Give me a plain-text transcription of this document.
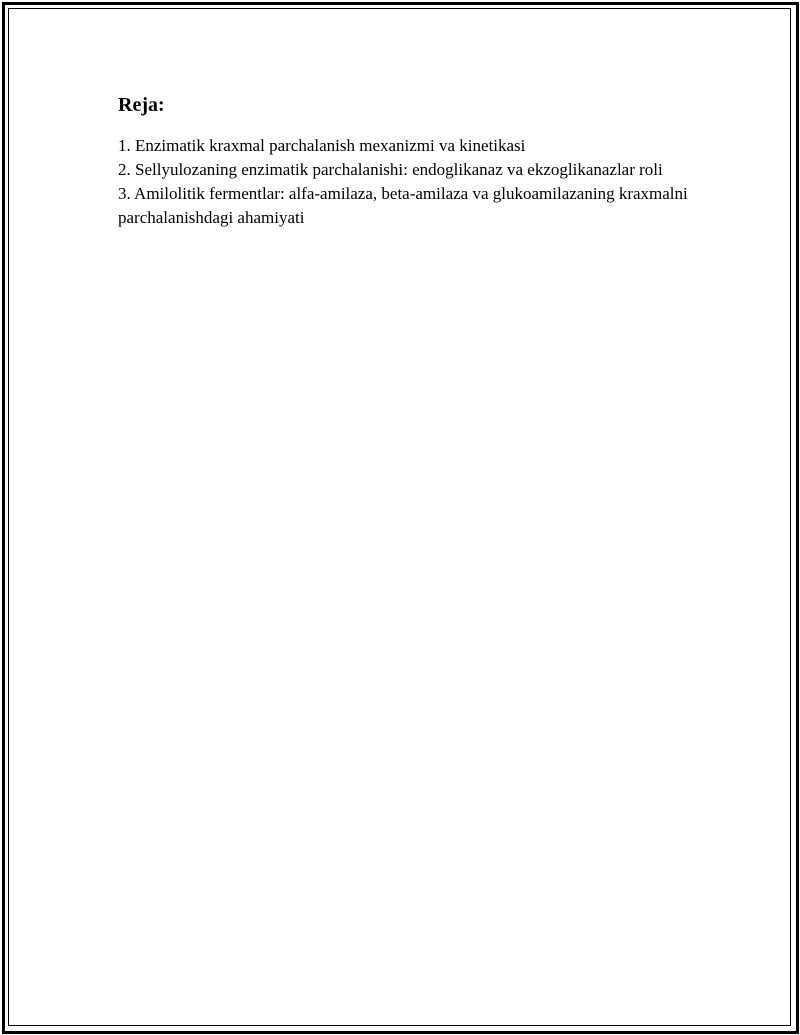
Reja:
1. Enzimatik kraxmal parchalanish mexanizmi va kinetikasi
2. Sellyulozaning enzimatik parchalanishi: endoglikanaz va ekzoglikanazlar roli
3. Amilolitik fermentlar: alfa-amilaza, beta-amilaza va glukoamilazaning kraxmalni parchalanishdagi ahamiyati
